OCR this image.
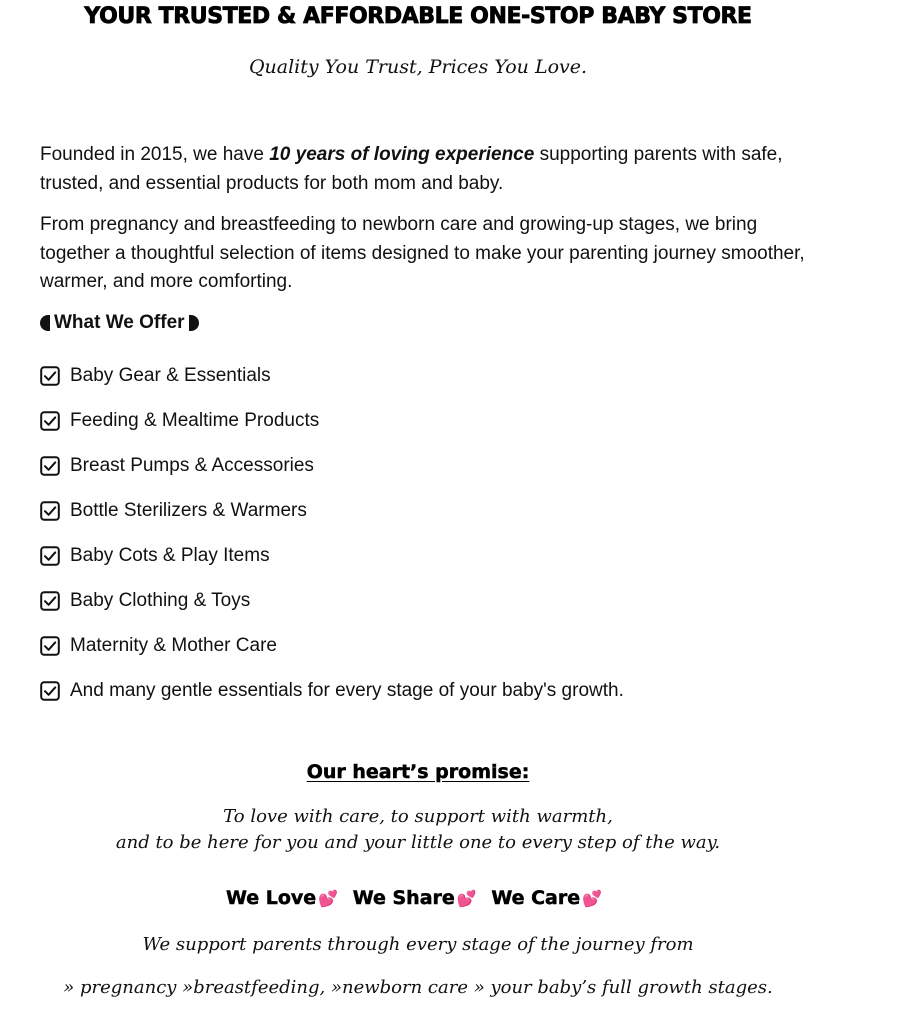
YOUR TRUSTED & AFFORDABLE ONE-STOP BABY STORE
Quality You Trust, Prices You Love.

Founded in 2015, we have 10 years of loving experience supporting parents with safe, trusted, and essential products for both mom and baby.

From pregnancy and breastfeeding to newborn care and growing-up stages, we bring together a thoughtful selection of items designed to make your parenting journey smoother, warmer, and more comforting.

What We Offer
Baby Gear & Essentials
Feeding & Mealtime Products
Breast Pumps & Accessories
Bottle Sterilizers & Warmers
Baby Cots & Play Items
Baby Clothing & Toys
Maternity & Mother Care
And many gentle essentials for every stage of your baby's growth.
Our heart’s promise:
To love with care, to support with warmth,
and to be here for you and your little one to every step of the way.
We Love 💕 We Share 💕 We Care 💕
We support parents through every stage of the journey from
» pregnancy »breastfeeding, »newborn care » your baby’s full growth stages.
